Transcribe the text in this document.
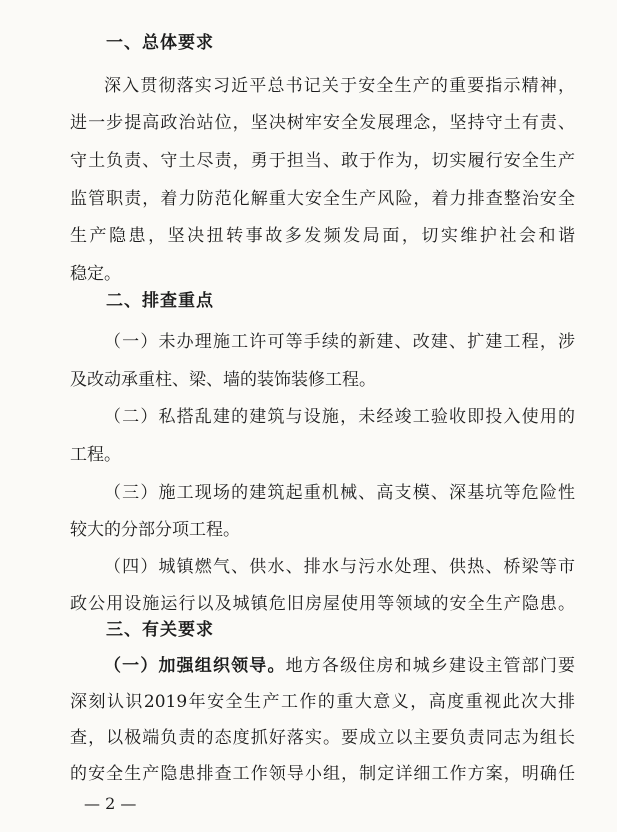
一、总体要求
深入贯彻落实习近平总书记关于安全生产的重要指示精神，
进一步提高政治站位，坚决树牢安全发展理念，坚持守土有责、
守土负责、守土尽责，勇于担当、敢于作为，切实履行安全生产
监管职责，着力防范化解重大安全生产风险，着力排查整治安全
生产隐患，坚决扭转事故多发频发局面，切实维护社会和谐
稳定。
二、排查重点
（一）未办理施工许可等手续的新建、改建、扩建工程，涉
及改动承重柱、梁、墙的装饰装修工程。
（二）私搭乱建的建筑与设施，未经竣工验收即投入使用的
工程。
（三）施工现场的建筑起重机械、高支模、深基坑等危险性
较大的分部分项工程。
（四）城镇燃气、供水、排水与污水处理、供热、桥梁等市
政公用设施运行以及城镇危旧房屋使用等领域的安全生产隐患。
三、有关要求
（一）加强组织领导。地方各级住房和城乡建设主管部门要
深刻认识2019年安全生产工作的重大意义，高度重视此次大排
查，以极端负责的态度抓好落实。要成立以主要负责同志为组长
的安全生产隐患排查工作领导小组，制定详细工作方案，明确任
— 2 —
